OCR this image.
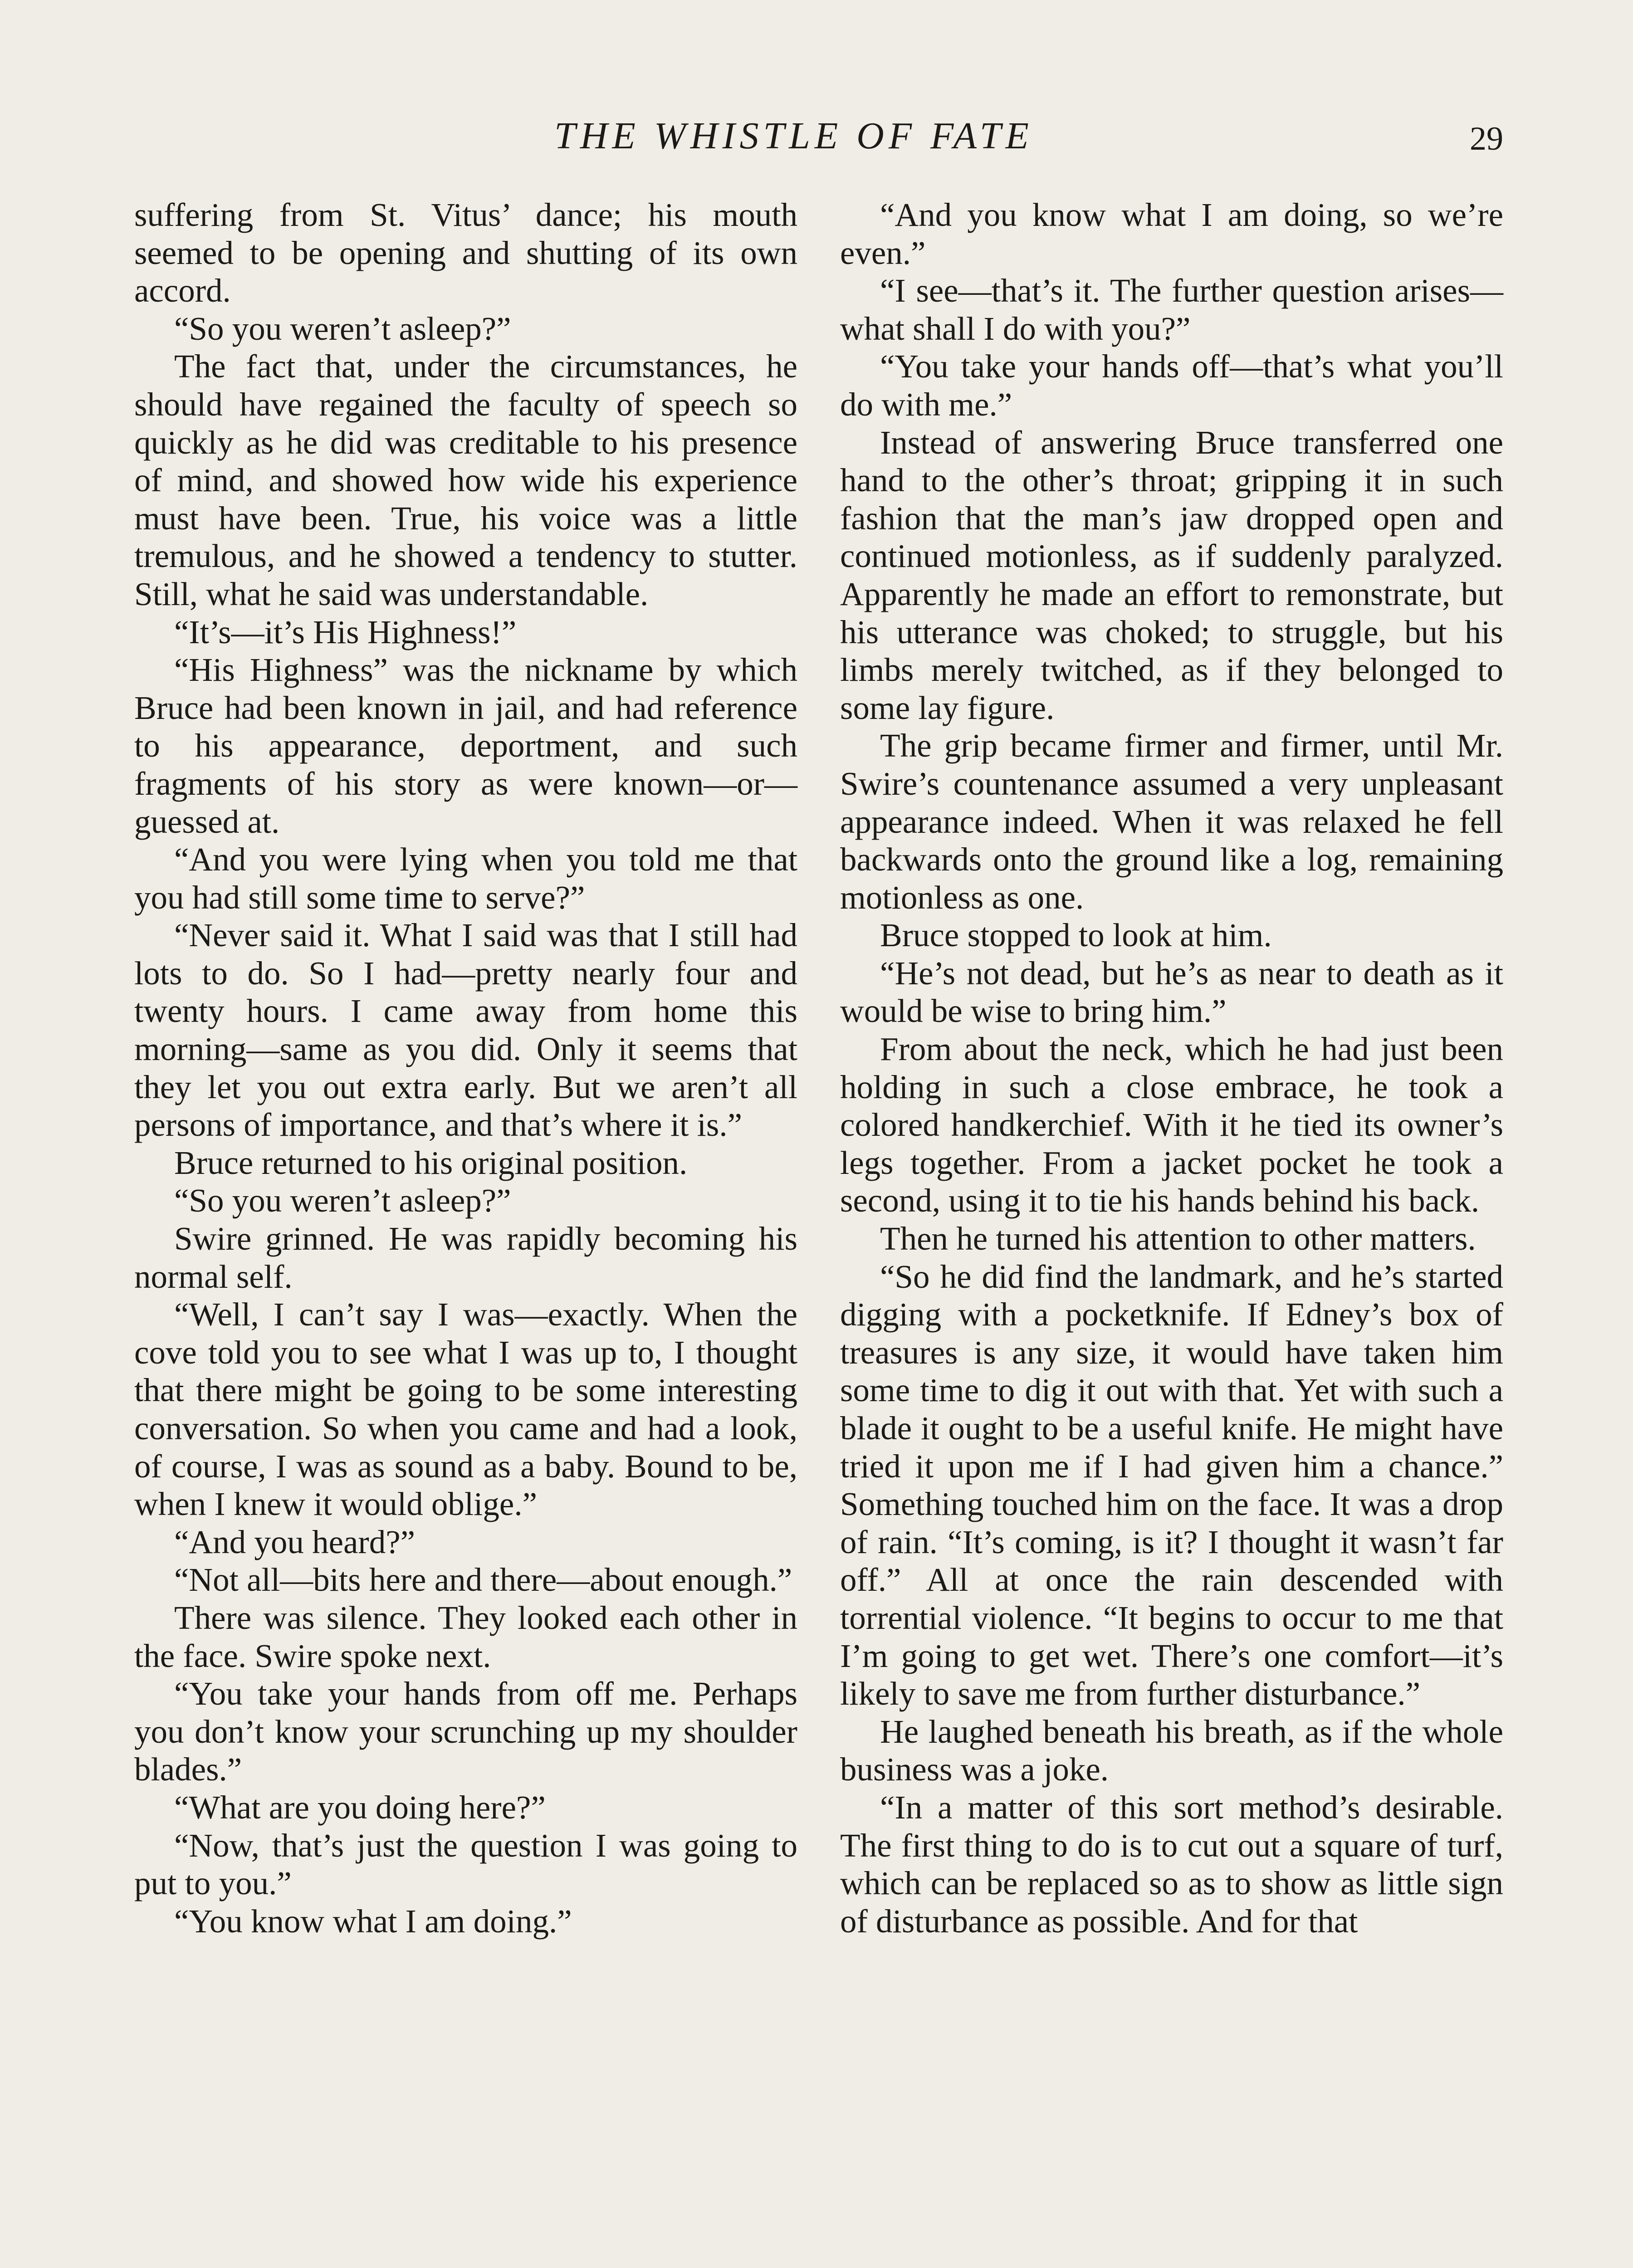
THE WHISTLE OF FATE	29

suffering from St. Vitus’ dance; his mouth seemed to be opening and shutting of its own accord.

“So you weren’t asleep?”

The fact that, under the circumstances, he should have regained the faculty of speech so quickly as he did was creditable to his presence of mind, and showed how wide his experience must have been. True, his voice was a little tremulous, and he showed a tendency to stutter. Still, what he said was understandable.

“It’s—it’s His Highness!”

“His Highness” was the nickname by which Bruce had been known in jail, and had reference to his appearance, deportment, and such fragments of his story as were known—or—guessed at.

“And you were lying when you told me that you had still some time to serve?”

“Never said it. What I said was that I still had lots to do. So I had—pretty nearly four and twenty hours. I came away from home this morning—same as you did. Only it seems that they let you out extra early. But we aren’t all persons of importance, and that’s where it is.”

Bruce returned to his original position.

“So you weren’t asleep?”

Swire grinned. He was rapidly becoming his normal self.

“Well, I can’t say I was—exactly. When the cove told you to see what I was up to, I thought that there might be going to be some interesting conversation. So when you came and had a look, of course, I was as sound as a baby. Bound to be, when I knew it would oblige.”

“And you heard?”

“Not all—bits here and there—about enough.”

There was silence. They looked each other in the face. Swire spoke next.

“You take your hands from off me. Perhaps you don’t know your scrunching up my shoulder blades.”

“What are you doing here?”

“Now, that’s just the question I was going to put to you.”

“You know what I am doing.”

“And you know what I am doing, so we’re even.”

“I see—that’s it. The further question arises—what shall I do with you?”

“You take your hands off—that’s what you’ll do with me.”

Instead of answering Bruce transferred one hand to the other’s throat; gripping it in such fashion that the man’s jaw dropped open and continued motionless, as if suddenly paralyzed. Apparently he made an effort to remonstrate, but his utterance was choked; to struggle, but his limbs merely twitched, as if they belonged to some lay figure.

The grip became firmer and firmer, until Mr. Swire’s countenance assumed a very unpleasant appearance indeed. When it was relaxed he fell backwards onto the ground like a log, remaining motionless as one.

Bruce stopped to look at him.

“He’s not dead, but he’s as near to death as it would be wise to bring him.”

From about the neck, which he had just been holding in such a close embrace, he took a colored handkerchief. With it he tied its owner’s legs together. From a jacket pocket he took a second, using it to tie his hands behind his back.

Then he turned his attention to other matters.

“So he did find the landmark, and he’s started digging with a pocketknife. If Edney’s box of treasures is any size, it would have taken him some time to dig it out with that. Yet with such a blade it ought to be a useful knife. He might have tried it upon me if I had given him a chance.” Something touched him on the face. It was a drop of rain. “It’s coming, is it? I thought it wasn’t far off.” All at once the rain descended with torrential violence. “It begins to occur to me that I’m going to get wet. There’s one comfort—it’s likely to save me from further disturbance.”

He laughed beneath his breath, as if the whole business was a joke.

“In a matter of this sort method’s desirable. The first thing to do is to cut out a square of turf, which can be replaced so as to show as little sign of disturbance as possible. And for that
